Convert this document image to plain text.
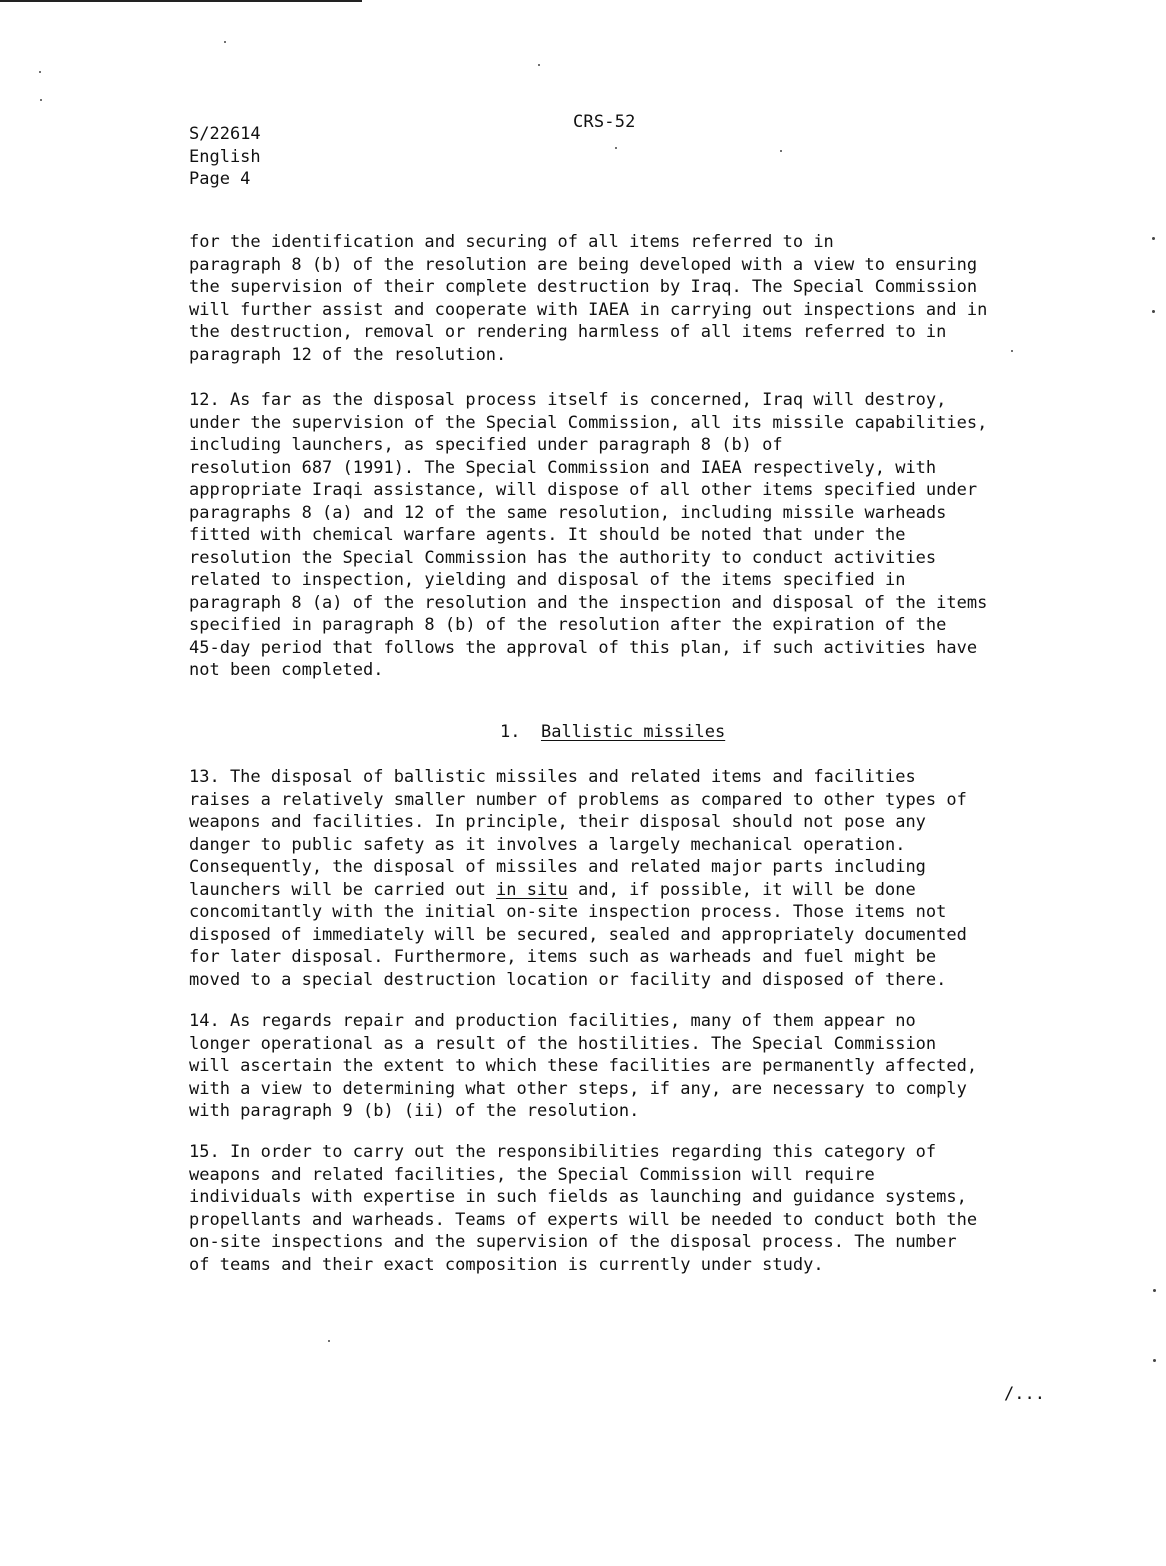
CRS-52
S/22614
English
Page 4
for the identification and securing of all items referred to in
paragraph 8 (b) of the resolution are being developed with a view to ensuring
the supervision of their complete destruction by Iraq. The Special Commission
will further assist and cooperate with IAEA in carrying out inspections and in
the destruction, removal or rendering harmless of all items referred to in
paragraph 12 of the resolution.
12. As far as the disposal process itself is concerned, Iraq will destroy,
under the supervision of the Special Commission, all its missile capabilities,
including launchers, as specified under paragraph 8 (b) of
resolution 687 (1991). The Special Commission and IAEA respectively, with
appropriate Iraqi assistance, will dispose of all other items specified under
paragraphs 8 (a) and 12 of the same resolution, including missile warheads
fitted with chemical warfare agents. It should be noted that under the
resolution the Special Commission has the authority to conduct activities
related to inspection, yielding and disposal of the items specified in
paragraph 8 (a) of the resolution and the inspection and disposal of the items
specified in paragraph 8 (b) of the resolution after the expiration of the
45-day period that follows the approval of this plan, if such activities have
not been completed.
1. Ballistic missiles
13. The disposal of ballistic missiles and related items and facilities
raises a relatively smaller number of problems as compared to other types of
weapons and facilities. In principle, their disposal should not pose any
danger to public safety as it involves a largely mechanical operation.
Consequently, the disposal of missiles and related major parts including
launchers will be carried out in situ and, if possible, it will be done
concomitantly with the initial on-site inspection process. Those items not
disposed of immediately will be secured, sealed and appropriately documented
for later disposal. Furthermore, items such as warheads and fuel might be
moved to a special destruction location or facility and disposed of there.
14. As regards repair and production facilities, many of them appear no
longer operational as a result of the hostilities. The Special Commission
will ascertain the extent to which these facilities are permanently affected,
with a view to determining what other steps, if any, are necessary to comply
with paragraph 9 (b) (ii) of the resolution.
15. In order to carry out the responsibilities regarding this category of
weapons and related facilities, the Special Commission will require
individuals with expertise in such fields as launching and guidance systems,
propellants and warheads. Teams of experts will be needed to conduct both the
on-site inspections and the supervision of the disposal process. The number
of teams and their exact composition is currently under study.
/...
